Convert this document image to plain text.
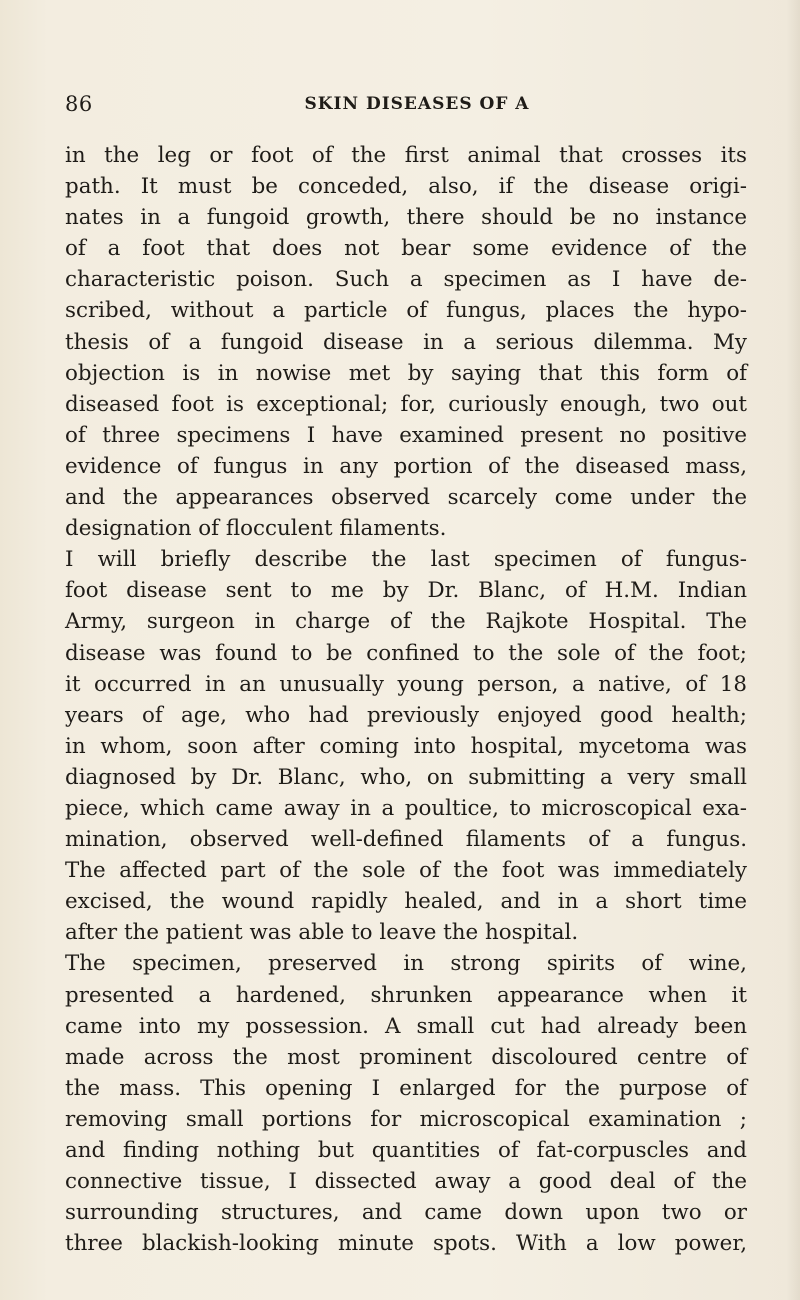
86	SKIN DISEASES OF A
in the leg or foot of the first animal that crosses its
path. It must be conceded, also, if the disease origi-
nates in a fungoid growth, there should be no instance
of a foot that does not bear some evidence of the
characteristic poison. Such a specimen as I have de-
scribed, without a particle of fungus, places the hypo-
thesis of a fungoid disease in a serious dilemma. My
objection is in nowise met by saying that this form of
diseased foot is exceptional; for, curiously enough, two out
of three specimens I have examined present no positive
evidence of fungus in any portion of the diseased mass,
and the appearances observed scarcely come under the
designation of flocculent filaments.
I will briefly describe the last specimen of fungus-
foot disease sent to me by Dr. Blanc, of H.M. Indian
Army, surgeon in charge of the Rajkote Hospital. The
disease was found to be confined to the sole of the foot;
it occurred in an unusually young person, a native, of 18
years of age, who had previously enjoyed good health;
in whom, soon after coming into hospital, mycetoma was
diagnosed by Dr. Blanc, who, on submitting a very small
piece, which came away in a poultice, to microscopical exa-
mination, observed well-defined filaments of a fungus.
The affected part of the sole of the foot was immediately
excised, the wound rapidly healed, and in a short time
after the patient was able to leave the hospital.
The specimen, preserved in strong spirits of wine,
presented a hardened, shrunken appearance when it
came into my possession. A small cut had already been
made across the most prominent discoloured centre of
the mass. This opening I enlarged for the purpose of
removing small portions for microscopical examination ;
and finding nothing but quantities of fat-corpuscles and
connective tissue, I dissected away a good deal of the
surrounding structures, and came down upon two or
three blackish-looking minute spots. With a low power,
